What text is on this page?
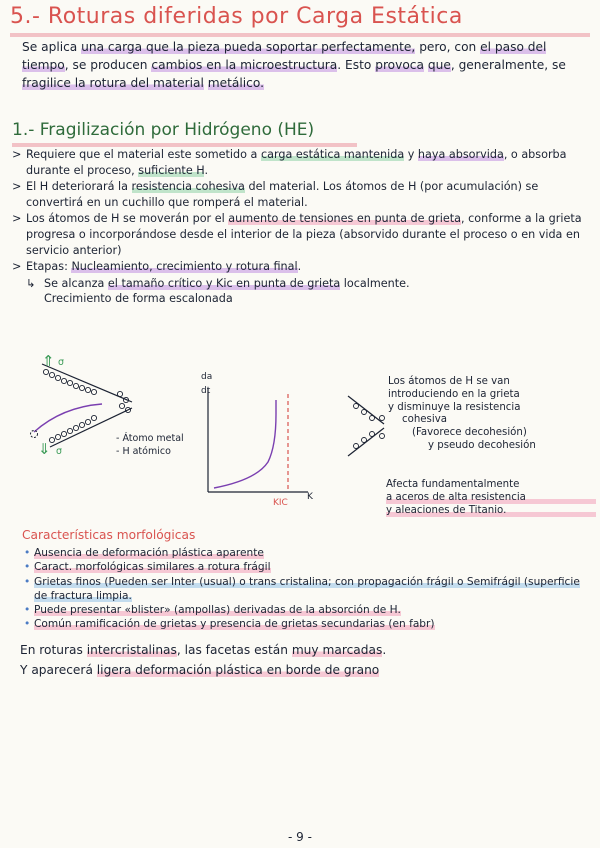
5.- Roturas diferidas por Carga Estática
Se aplica una carga que la pieza pueda soportar perfectamente, pero, con el paso del tiempo, se producen cambios en la microestructura. Esto provoca que, generalmente, se fragilice la rotura del material metálico.
1.- Fragilización por Hidrógeno (HE)
> Requiere que el material este sometido a carga estática mantenida y haya absorvida, o absorba durante el proceso, suficiente H.
> El H deteriorará la resistencia cohesiva del material. Los átomos de H (por acumulación) se convertirá en un cuchillo que romperá el material.
> Los átomos de H se moverán por el aumento de tensiones en punta de grieta, conforme a la grieta progresa o incorporándose desde el interior de la pieza (absorvido durante el proceso o en vida en servicio anterior)
> Etapas: Nucleamiento, crecimiento y rotura final.
↳ Se alcanza el tamaño crítico y Kic en punta de grieta localmente.
Crecimiento de forma escalonada
⇑ σ
⇓ σ
- Átomo metal
- H atómico
da
dt
K
KIC
Los átomos de H se van
introduciendo en la grieta
y disminuye la resistencia
cohesiva
(Favorece decohesión)
y pseudo decohesión
Afecta fundamentalmente
a aceros de alta resistencia
y aleaciones de Titanio.
Características morfológicas
• Ausencia de deformación plástica aparente
• Caract. morfológicas similares a rotura frágil
• Grietas finos (Pueden ser Inter (usual) o trans cristalina; con propagación frágil o Semifrágil (superficie de fractura limpia.
• Puede presentar «blister» (ampollas) derivadas de la absorción de H.
• Común ramificación de grietas y presencia de grietas secundarias (en fabr)
En roturas intercristalinas, las facetas están muy marcadas.
Y aparecerá ligera deformación plástica en borde de grano
- 9 -
